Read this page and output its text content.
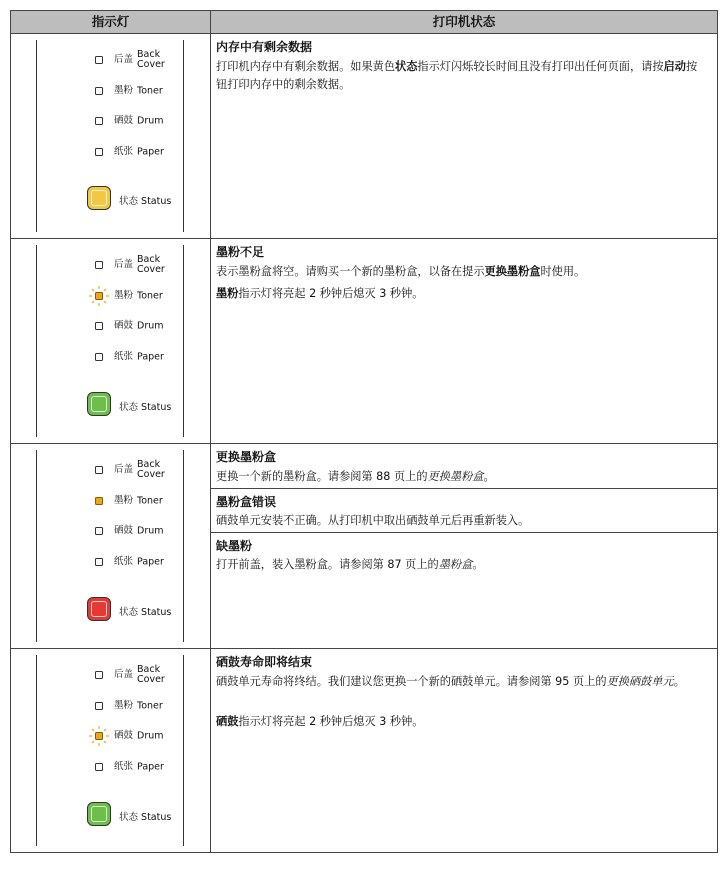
指示灯	打印机状态
后盖 Back
Cover
墨粉 Toner
硒鼓 Drum
纸张 Paper
状态 Status
内存中有剩余数据
打印机内存中有剩余数据。如果黄色状态指示灯闪烁较长时间且没有打印出任何页面，请按启动按钮打印内存中的剩余数据。
后盖 Back
Cover
墨粉 Toner
硒鼓 Drum
纸张 Paper
状态 Status
墨粉不足
表示墨粉盒将空。请购买一个新的墨粉盒，以备在提示更换墨粉盒时使用。
墨粉指示灯将亮起 2 秒钟后熄灭 3 秒钟。
后盖 Back
Cover
墨粉 Toner
硒鼓 Drum
纸张 Paper
状态 Status
更换墨粉盒
更换一个新的墨粉盒。请参阅第 88 页上的更换墨粉盒。
墨粉盒错误
硒鼓单元安装不正确。从打印机中取出硒鼓单元后再重新装入。
缺墨粉
打开前盖，装入墨粉盒。请参阅第 87 页上的墨粉盒。
后盖 Back
Cover
墨粉 Toner
硒鼓 Drum
纸张 Paper
状态 Status
硒鼓寿命即将结束
硒鼓单元寿命将终结。我们建议您更换一个新的硒鼓单元。请参阅第 95 页上的更换硒鼓单元。
硒鼓指示灯将亮起 2 秒钟后熄灭 3 秒钟。
